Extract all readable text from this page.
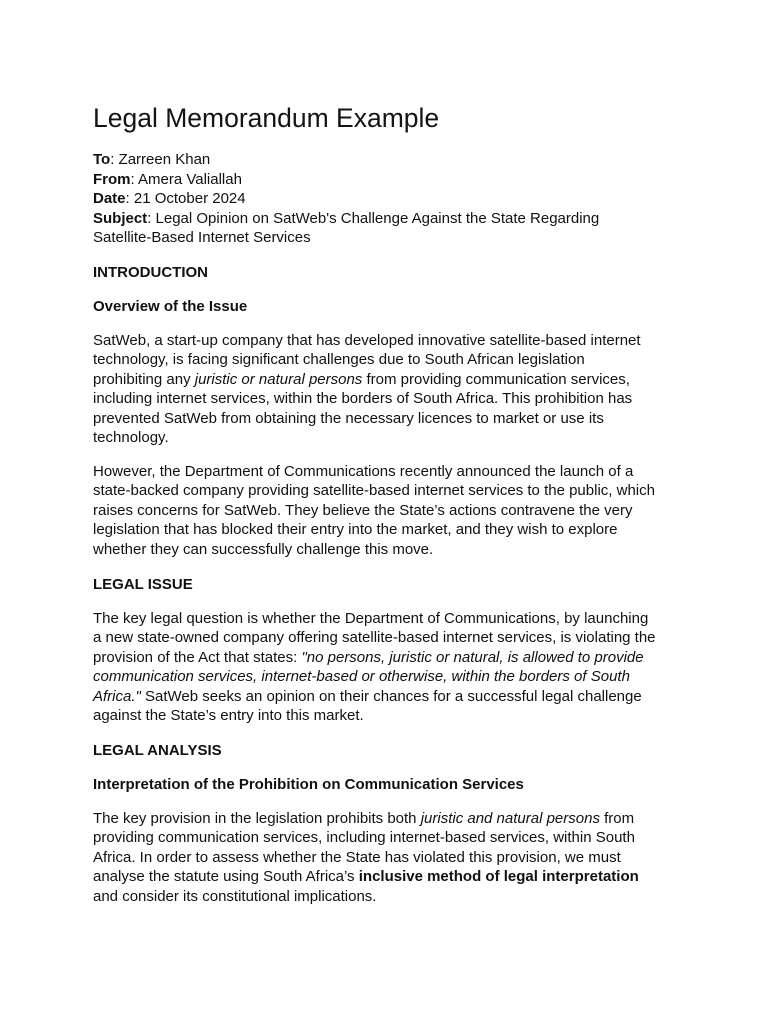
Legal Memorandum Example
To: Zarreen Khan
From: Amera Valiallah
Date: 21 October 2024
Subject: Legal Opinion on SatWeb's Challenge Against the State Regarding
Satellite-Based Internet Services
INTRODUCTION
Overview of the Issue
SatWeb, a start-up company that has developed innovative satellite-based internet
technology, is facing significant challenges due to South African legislation
prohibiting any juristic or natural persons from providing communication services,
including internet services, within the borders of South Africa. This prohibition has
prevented SatWeb from obtaining the necessary licences to market or use its
technology.
However, the Department of Communications recently announced the launch of a
state-backed company providing satellite-based internet services to the public, which
raises concerns for SatWeb. They believe the State’s actions contravene the very
legislation that has blocked their entry into the market, and they wish to explore
whether they can successfully challenge this move.
LEGAL ISSUE
The key legal question is whether the Department of Communications, by launching
a new state-owned company offering satellite-based internet services, is violating the
provision of the Act that states: "no persons, juristic or natural, is allowed to provide
communication services, internet-based or otherwise, within the borders of South
Africa." SatWeb seeks an opinion on their chances for a successful legal challenge
against the State’s entry into this market.
LEGAL ANALYSIS
Interpretation of the Prohibition on Communication Services
The key provision in the legislation prohibits both juristic and natural persons from
providing communication services, including internet-based services, within South
Africa. In order to assess whether the State has violated this provision, we must
analyse the statute using South Africa’s inclusive method of legal interpretation
and consider its constitutional implications.
